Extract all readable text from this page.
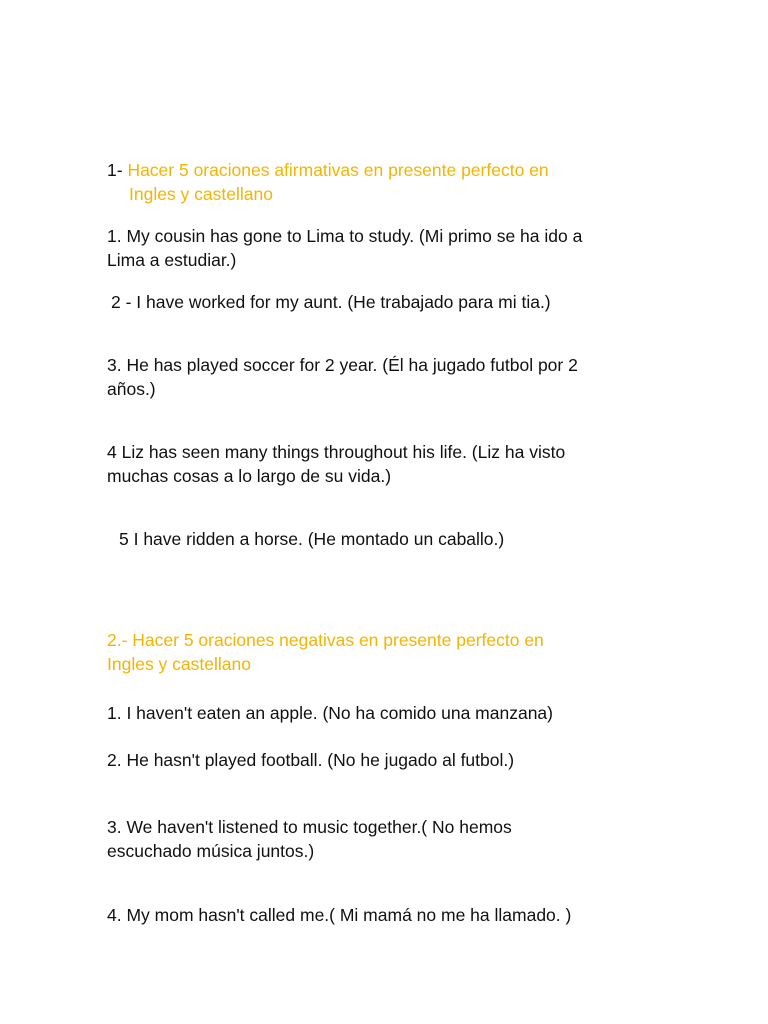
1- Hacer 5 oraciones afirmativas en presente perfecto en
Ingles y castellano
1. My cousin has gone to Lima to study. (Mi primo se ha ido a
Lima a estudiar.)
2 - I have worked for my aunt. (He trabajado para mi tia.)
3. He has played soccer for 2 year. (Él ha jugado futbol por 2
años.)
4 Liz has seen many things throughout his life. (Liz ha visto
muchas cosas a lo largo de su vida.)
5 I have ridden a horse. (He montado un caballo.)
2.- Hacer 5 oraciones negativas en presente perfecto en
Ingles y castellano
1. I haven't eaten an apple. (No ha comido una manzana)
2. He hasn't played football. (No he jugado al futbol.)
3. We haven't listened to music together.( No hemos
escuchado música juntos.)
4. My mom hasn't called me.( Mi mamá no me ha llamado. )
